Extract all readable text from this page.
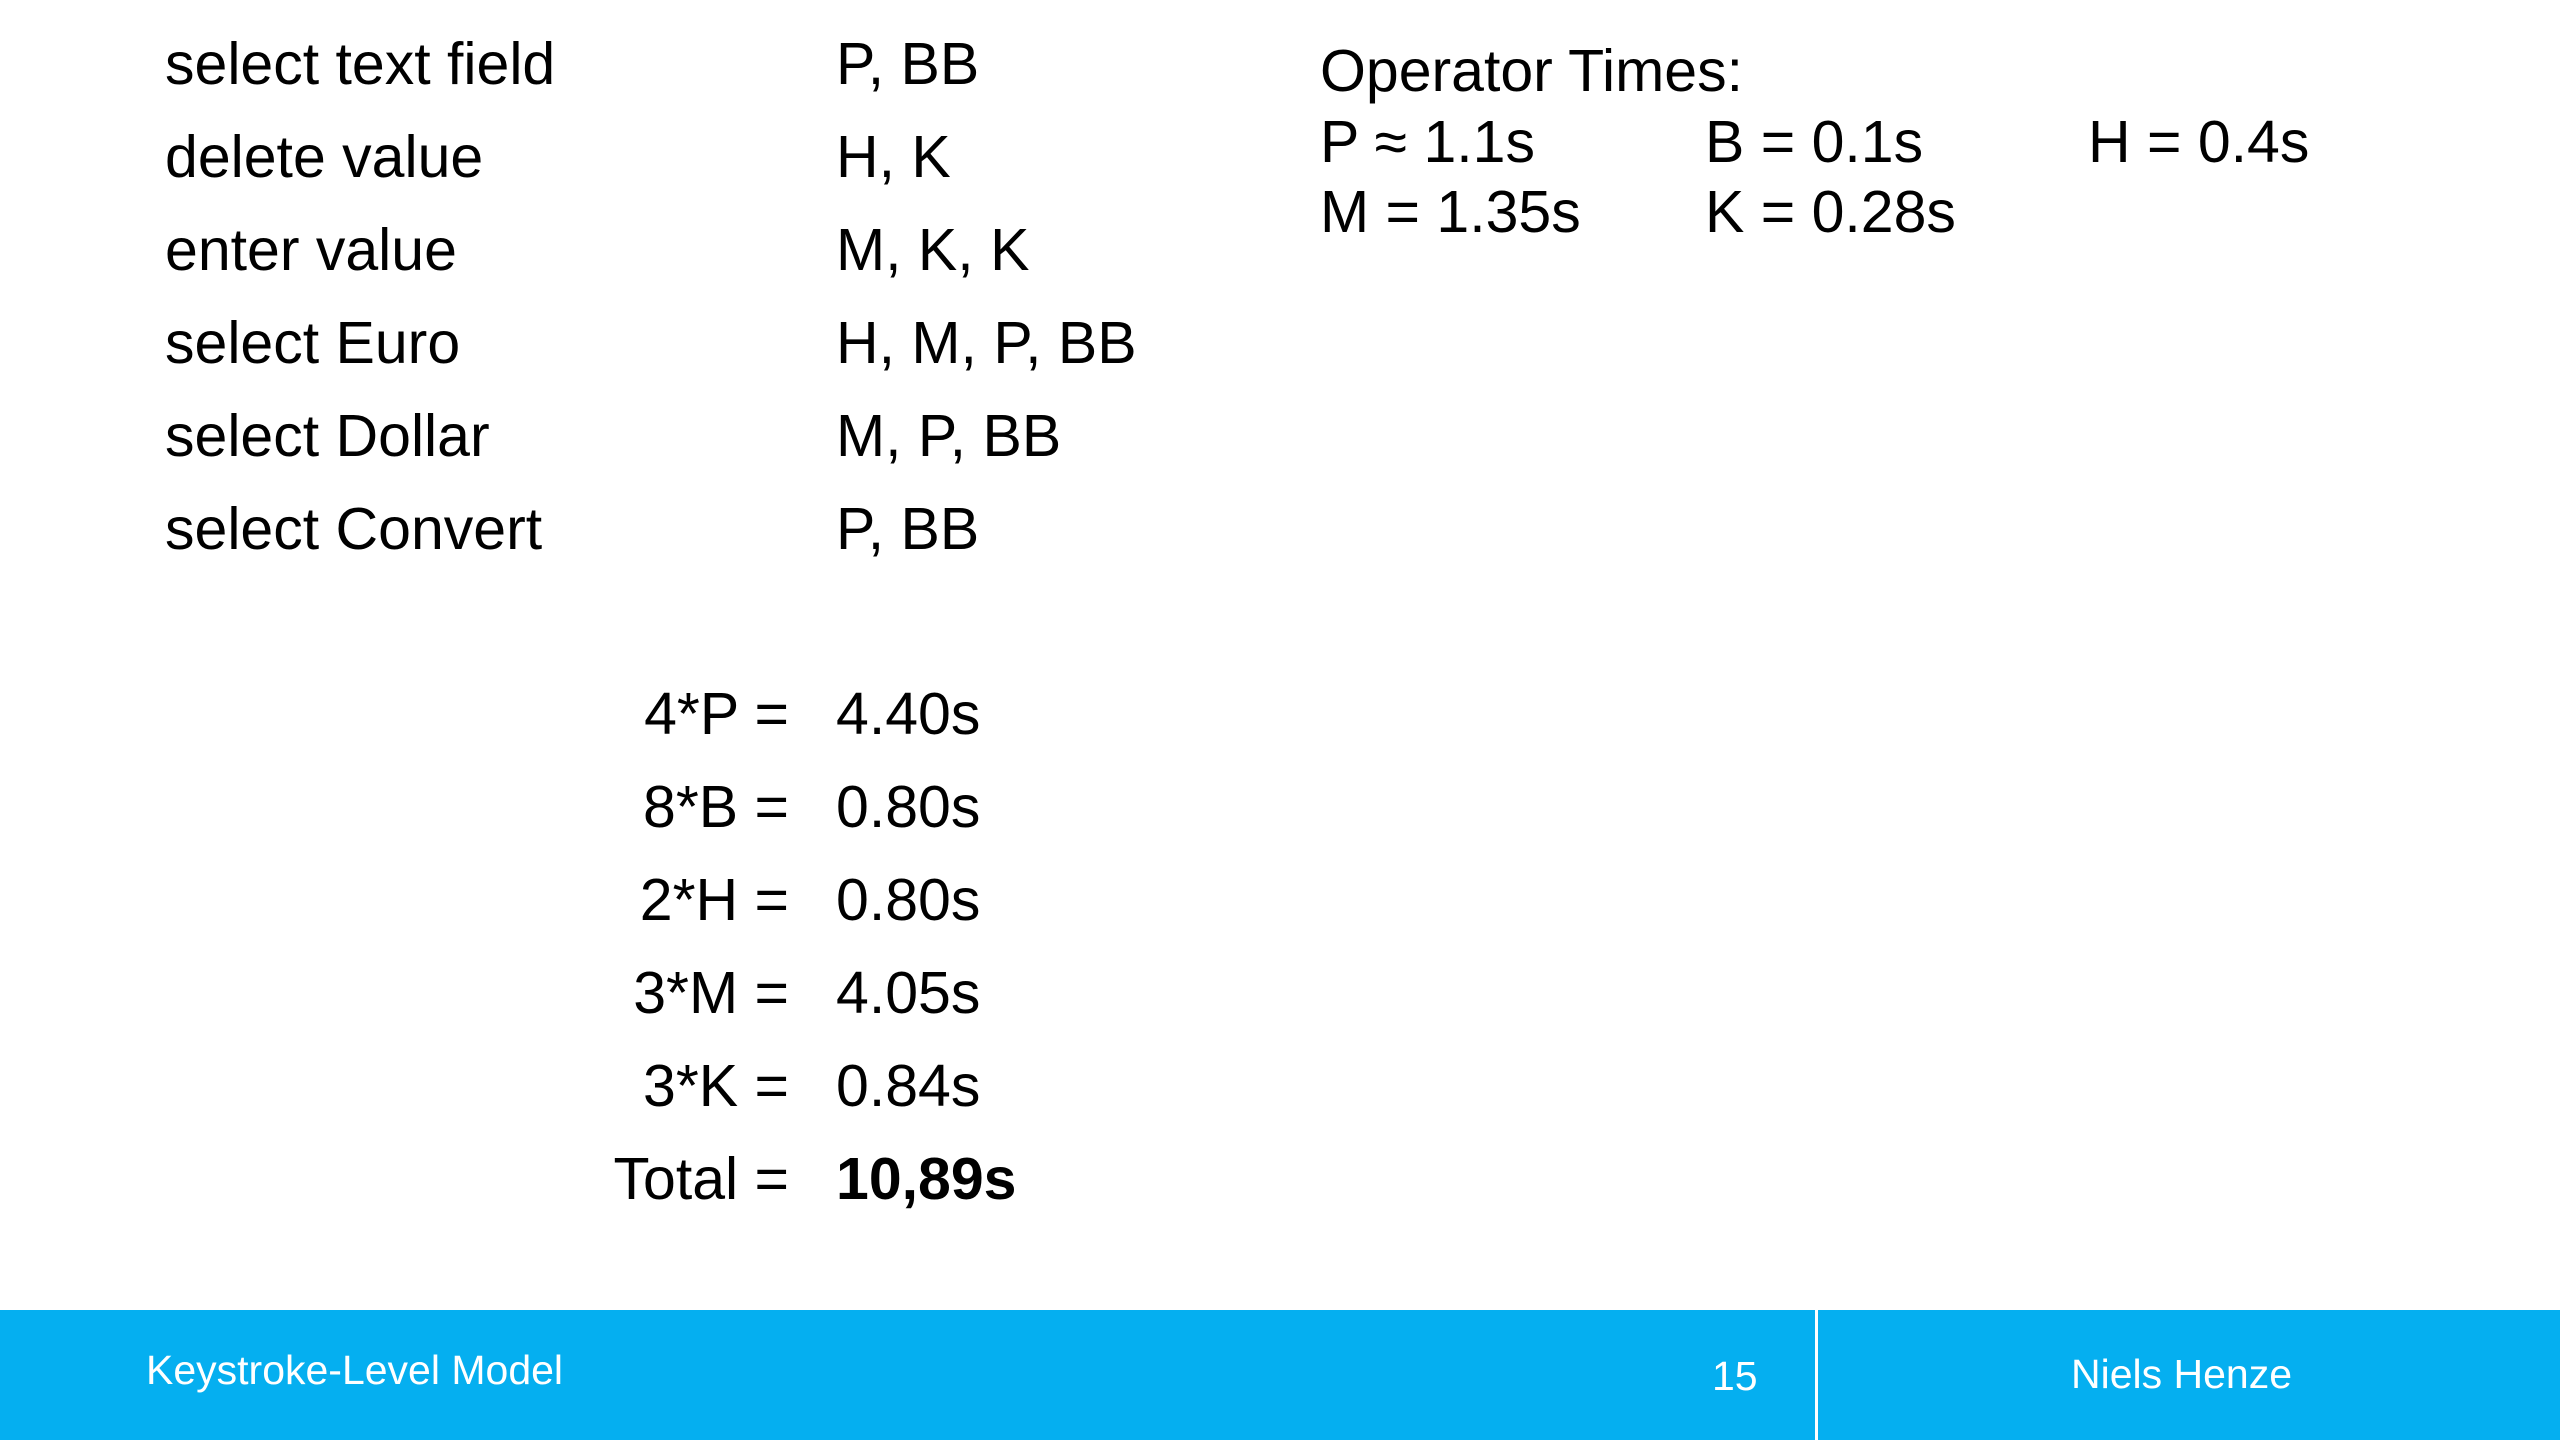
select text field	P, BB
delete value	H, K
enter value	M, K, K
select Euro	H, M, P, BB
select Dollar	M, P, BB
select Convert	P, BB
Operator Times:
P ≈ 1.1s	B = 0.1s	H = 0.4s
M = 1.35s K = 0.28s
4*P = 4.40s
8*B = 0.80s
2*H = 0.80s
3*M = 4.05s
3*K = 0.84s
Total = 10,89s
Keystroke-Level Model	15	Niels Henze
